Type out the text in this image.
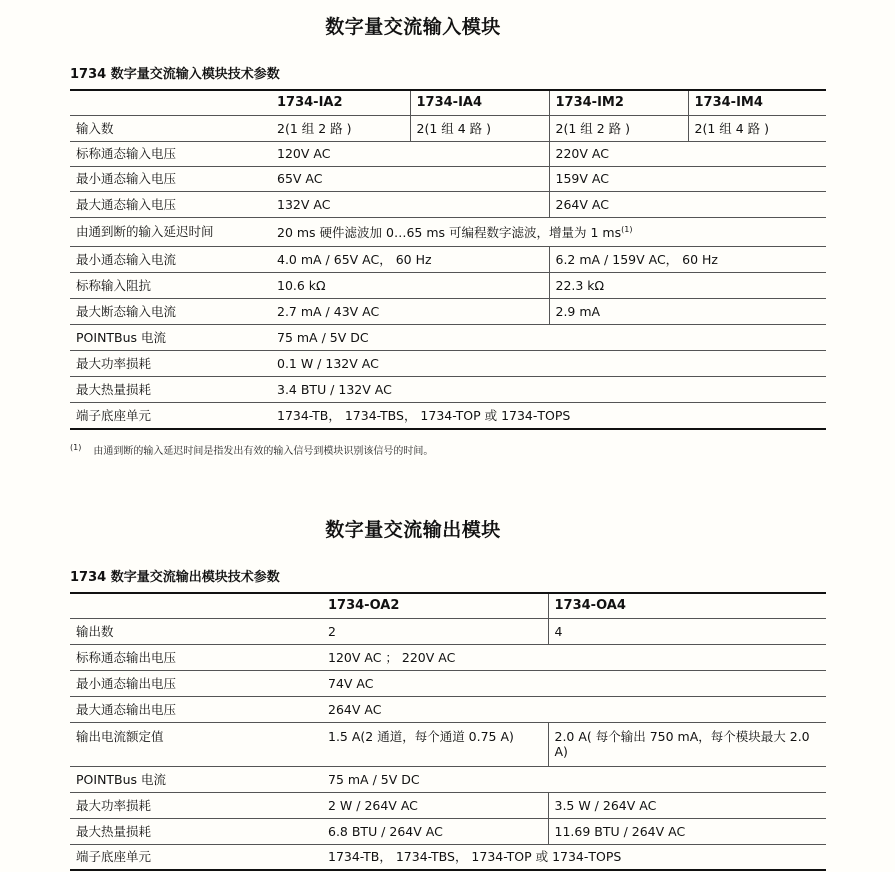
数字量交流输入模块
1734 数字量交流输入模块技术参数
	1734-IA2	1734-IA4	1734-IM2	1734-IM4
输入数	2(1 组 2 路 )	2(1 组 4 路 )	2(1 组 2 路 )	2(1 组 4 路 )
标称通态输入电压	120V AC		220V AC	
最小通态输入电压	65V AC		159V AC	
最大通态输入电压	132V AC		264V AC	
由通到断的输入延迟时间	20 ms 硬件滤波加 0…65 ms 可编程数字滤波，增量为 1 ms$^{(1)}$
最小通态输入电流	4.0 mA / 65V AC， 60 Hz		6.2 mA / 159V AC， 60 Hz	
标称输入阻抗	10.6 kΩ		22.3 kΩ	
最大断态输入电流	2.7 mA / 43V AC		2.9 mA	
POINTBus 电流	75 mA / 5V DC			
最大功率损耗	0.1 W / 132V AC			
最大热量损耗	3.4 BTU / 132V AC			
端子底座单元	1734-TB， 1734-TBS， 1734-TOP 或 1734-TOPS			
$^{(1)}$ 由通到断的输入延迟时间是指发出有效的输入信号到模块识别该信号的时间。
数字量交流输出模块
1734 数字量交流输出模块技术参数
	1734-OA2	1734-OA4
输出数	2	4
标称通态输出电压	120V AC ； 220V AC	
最小通态输出电压	74V AC	
最大通态输出电压	264V AC	
输出电流额定值	1.5 A(2 通道，每个通道 0.75 A)	2.0 A( 每个输出 750 mA，每个模块最大 2.0 A)
POINTBus 电流	75 mA / 5V DC	
最大功率损耗	2 W / 264V AC	3.5 W / 264V AC
最大热量损耗	6.8 BTU / 264V AC	11.69 BTU / 264V AC
端子底座单元	1734-TB， 1734-TBS， 1734-TOP 或 1734-TOPS	
